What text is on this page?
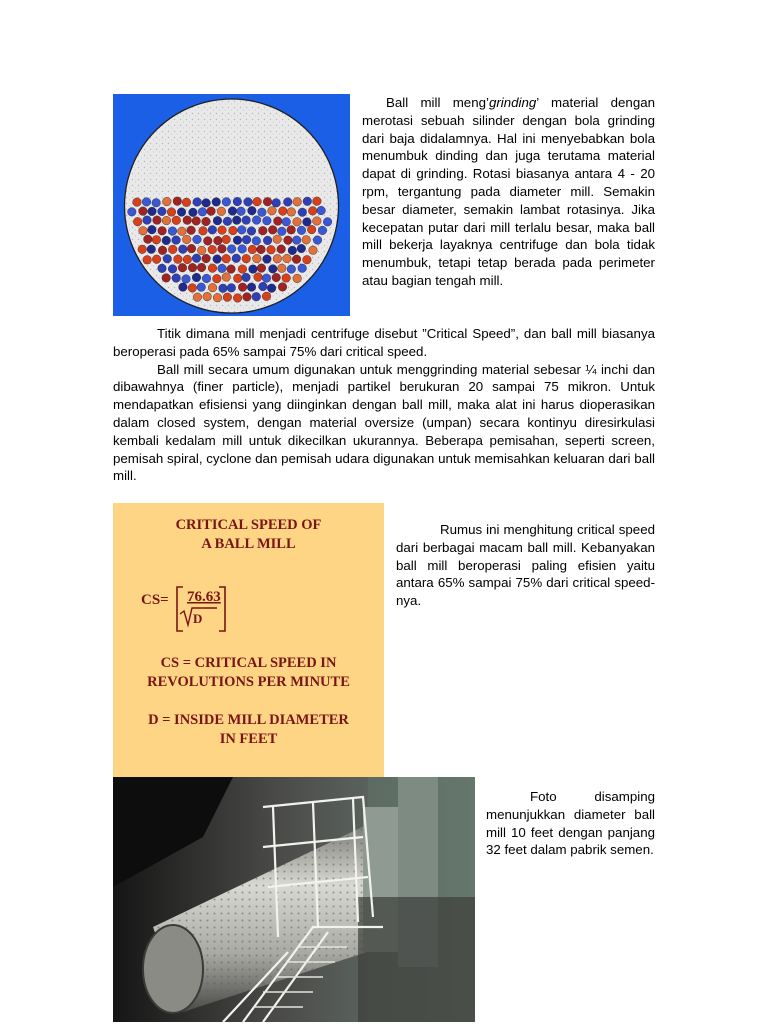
Ball mill meng’grinding’ material dengan merotasi sebuah silinder dengan bola grinding dari baja didalamnya. Hal ini menyebabkan bola menumbuk dinding dan juga terutama material dapat di grinding. Rotasi biasanya antara 4 - 20 rpm, tergantung pada diameter mill. Semakin besar diameter, semakin lambat rotasinya. Jika kecepatan putar dari mill terlalu besar, maka ball mill bekerja layaknya centrifuge dan bola tidak menumbuk, tetapi tetap berada pada perimeter atau bagian tengah mill.
Titik dimana mill menjadi centrifuge disebut ”Critical Speed”, dan ball mill biasanya beroperasi pada 65% sampai 75% dari critical speed.
Ball mill secara umum digunakan untuk menggrinding material sebesar ¼ inchi dan dibawahnya (finer particle), menjadi partikel berukuran 20 sampai 75 mikron. Untuk mendapatkan efisiensi yang diinginkan dengan ball mill, maka alat ini harus dioperasikan dalam closed system, dengan material oversize (umpan) secara kontinyu diresirkulasi kembali kedalam mill untuk dikecilkan ukurannya. Beberapa pemisahan, seperti screen, pemisah spiral, cyclone dan pemisah udara digunakan untuk memisahkan keluaran dari ball mill.
CRITICAL SPEED OF
A BALL MILL
CS= 76.63
D
CS = CRITICAL SPEED IN
REVOLUTIONS PER MINUTE
D = INSIDE MILL DIAMETER
IN FEET
Rumus ini menghitung critical speed dari berbagai macam ball mill. Kebanyakan ball mill beroperasi paling efisien yaitu antara 65% sampai 75% dari critical speed-nya.
Foto disamping menunjukkan diameter ball mill 10 feet dengan panjang 32 feet dalam pabrik semen.
